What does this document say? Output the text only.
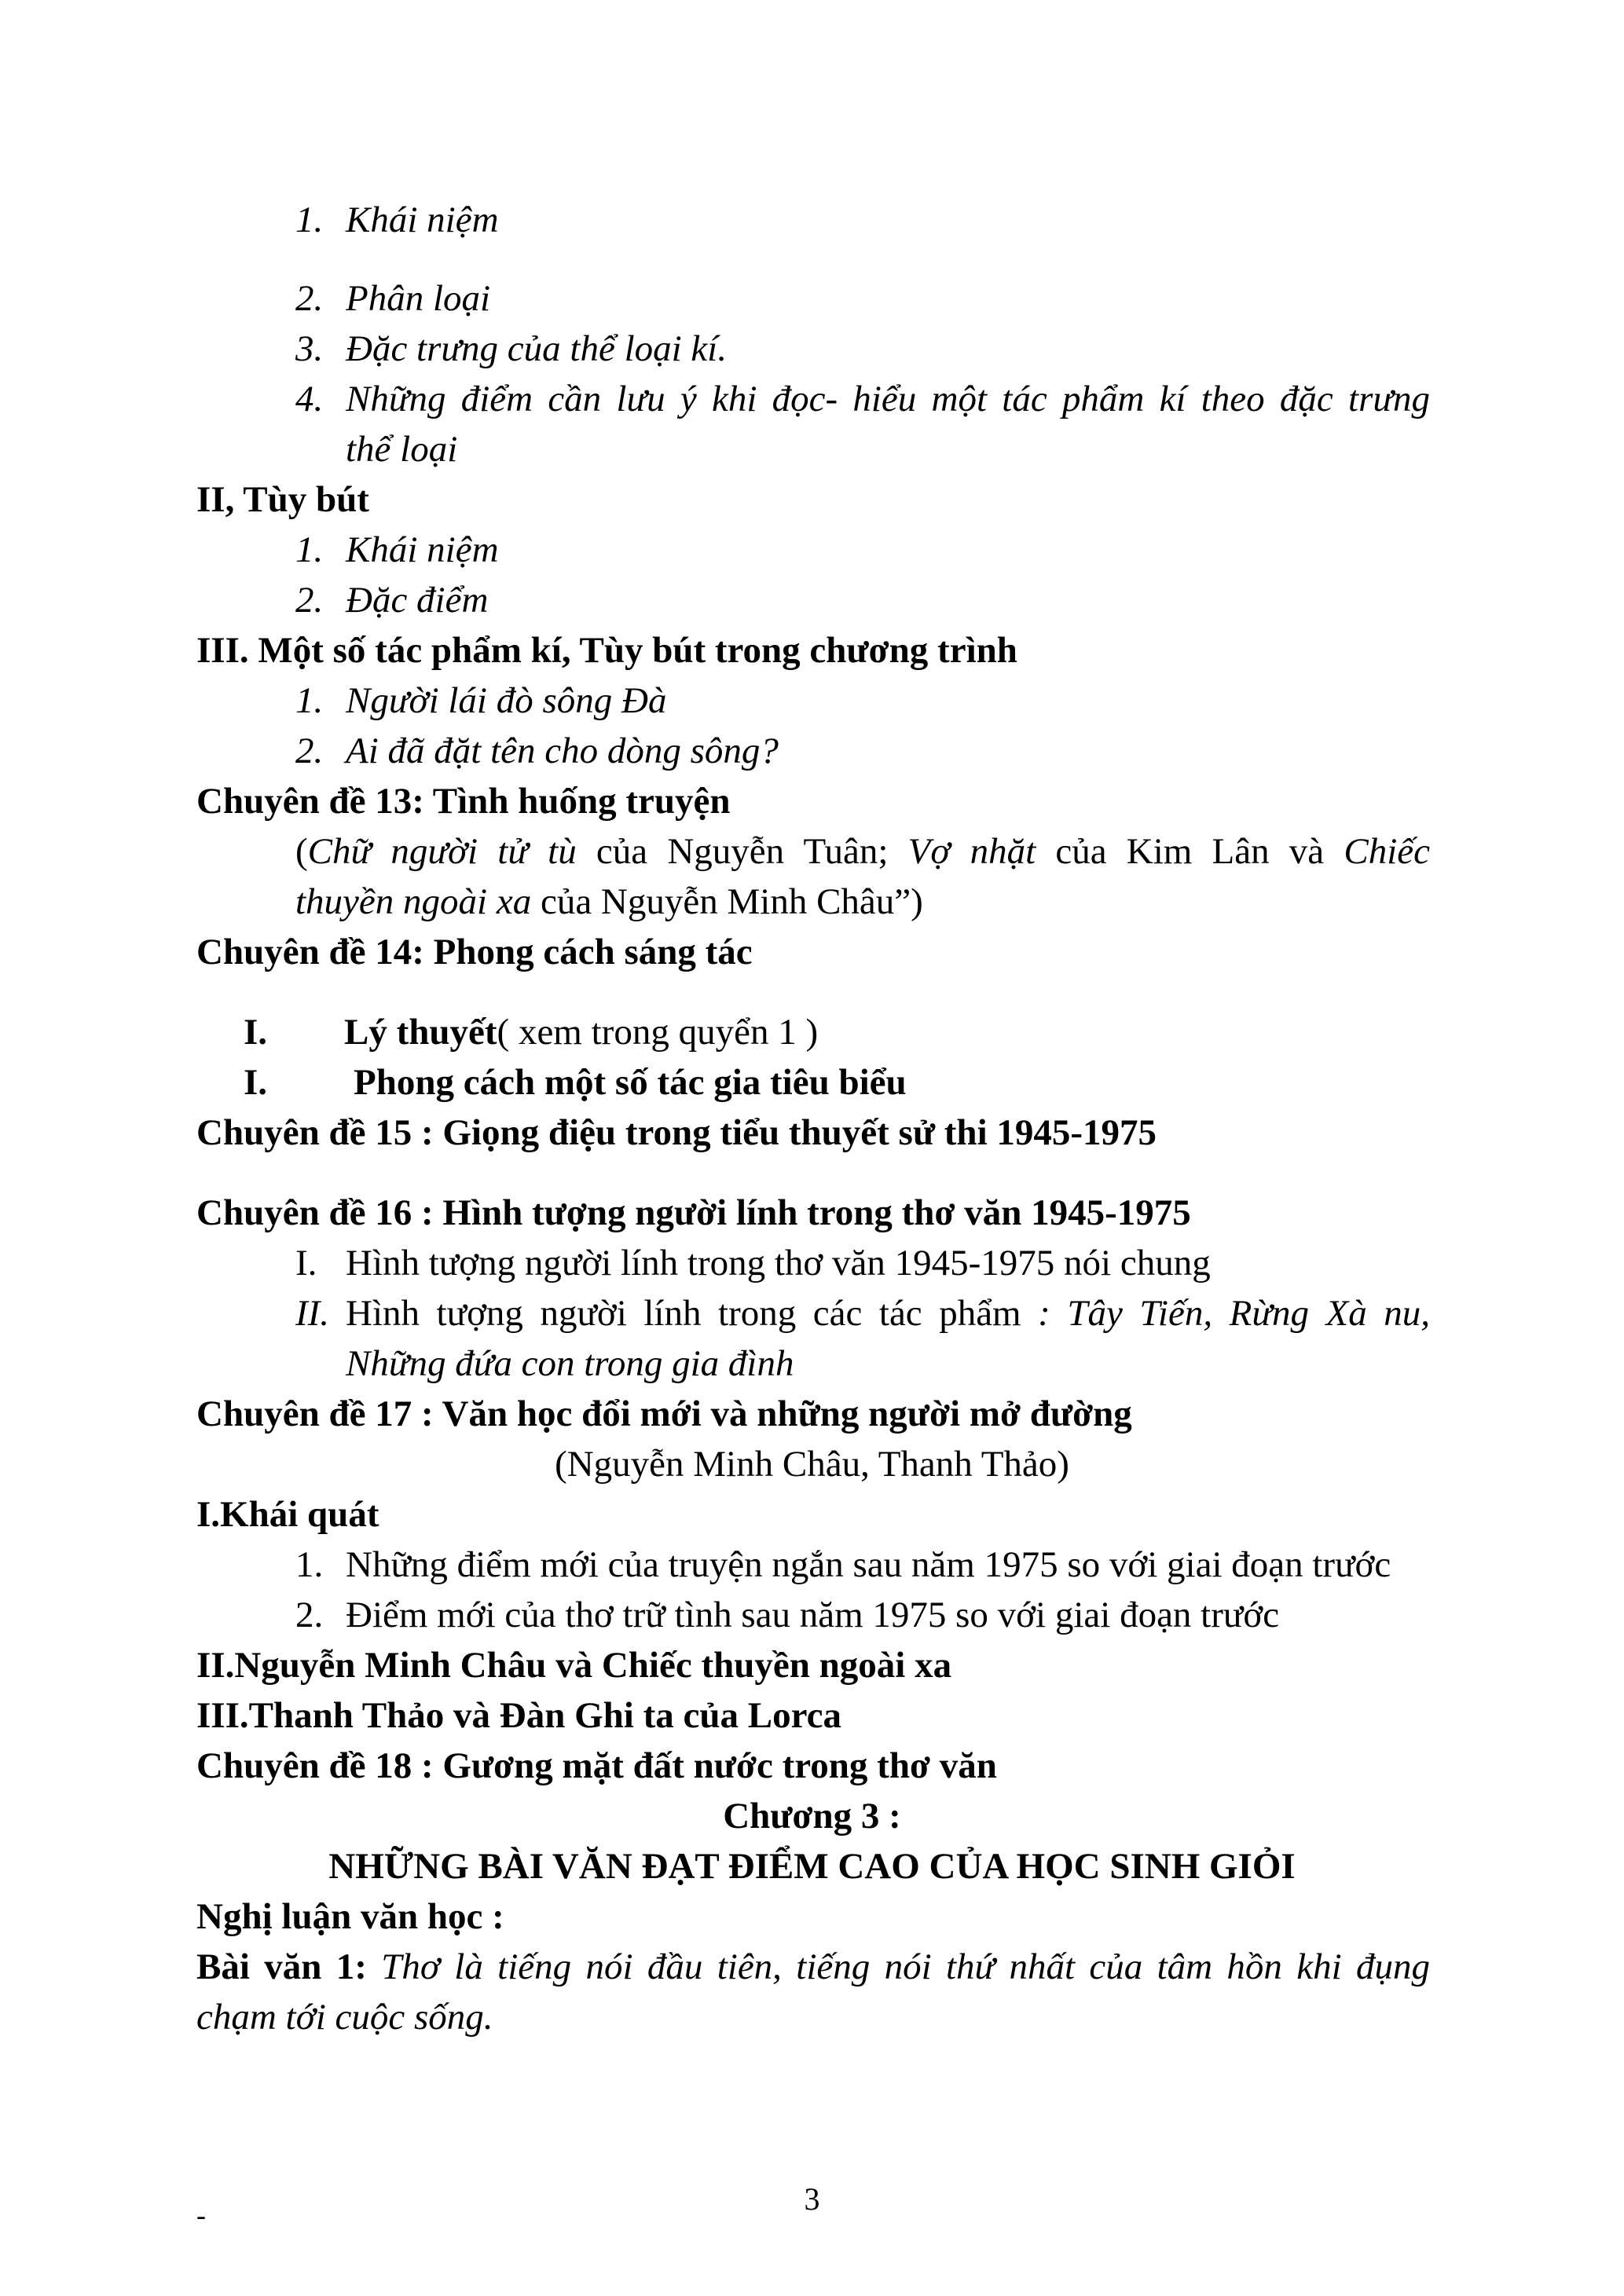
1. Khái niệm
2. Phân loại
3. Đặc trưng của thể loại kí.
4. Những điểm cần lưu ý khi đọc- hiểu một tác phẩm kí theo đặc trưng
thể loại
II, Tùy bút
1. Khái niệm
2. Đặc điểm
III. Một số tác phẩm kí, Tùy bút trong chương trình
1. Người lái đò sông Đà
2. Ai đã đặt tên cho dòng sông?
Chuyên đề 13: Tình huống truyện
(Chữ người tử tù của Nguyễn Tuân; Vợ nhặt của Kim Lân và Chiếc
thuyền ngoài xa của Nguyễn Minh Châu”)
Chuyên đề 14: Phong cách sáng tác
I. Lý thuyết( xem trong quyển 1 )
I. Phong cách một số tác gia tiêu biểu
Chuyên đề 15 : Giọng điệu trong tiểu thuyết sử thi 1945-1975
Chuyên đề 16 : Hình tượng người lính trong thơ văn 1945-1975
I. Hình tượng người lính trong thơ văn 1945-1975 nói chung
II. Hình tượng người lính trong các tác phẩm : Tây Tiến, Rừng Xà nu,
Những đứa con trong gia đình
Chuyên đề 17 : Văn học đổi mới và những người mở đường
(Nguyễn Minh Châu, Thanh Thảo)
I.Khái quát
1. Những điểm mới của truyện ngắn sau năm 1975 so với giai đoạn trước
2. Điểm mới của thơ trữ tình sau năm 1975 so với giai đoạn trước
II.Nguyễn Minh Châu và Chiếc thuyền ngoài xa
III.Thanh Thảo và Đàn Ghi ta của Lorca
Chuyên đề 18 : Gương mặt đất nước trong thơ văn
Chương 3 :
NHỮNG BÀI VĂN ĐẠT ĐIỂM CAO CỦA HỌC SINH GIỎI
Nghị luận văn học :
Bài văn 1: Thơ là tiếng nói đầu tiên, tiếng nói thứ nhất của tâm hồn khi đụng
chạm tới cuộc sống.
3
-
